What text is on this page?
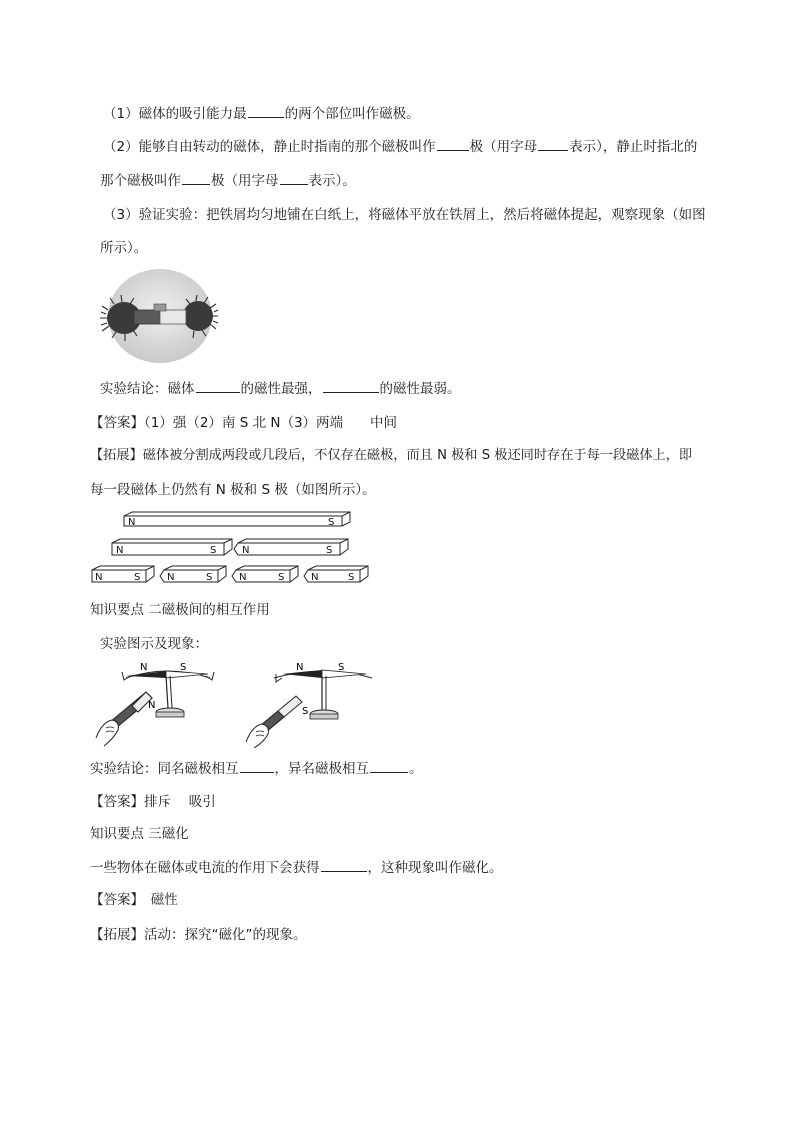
（1）磁体的吸引能力最	的两个部位叫作磁极。
（2）能够自由转动的磁体，静止时指南的那个磁极叫作	极（用字母 表示），静止时指北的
那个磁极叫作 极（用字母 表示）。
（3）验证实验：把铁屑均匀地铺在白纸上，将磁体平放在铁屑上，然后将磁体提起，观察现象（如图
所示）。
实验结论：磁体	的磁性最强，	的磁性最弱。
【答案】（1）强（2）南 S 北 N（3）两端　　中间
【拓展】磁体被分割成两段或几段后，不仅存在磁极，而且 N 极和 S 极还同时存在于每一段磁体上，即
每一段磁体上仍然有 N 极和 S 极（如图所示）。
N	S
N	S	N	S
N	S	N	S	N	S	N	S
知识要点 二磁极间的相互作用
实验图示及现象：
N	S
N
N	S
S
实验结论：同名磁极相互	，异名磁极相互	。
【答案】排斥　 吸引
知识要点 三磁化
一些物体在磁体或电流的作用下会获得	，这种现象叫作磁化。
【答案】　磁性
【拓展】活动：探究“磁化”的现象。
